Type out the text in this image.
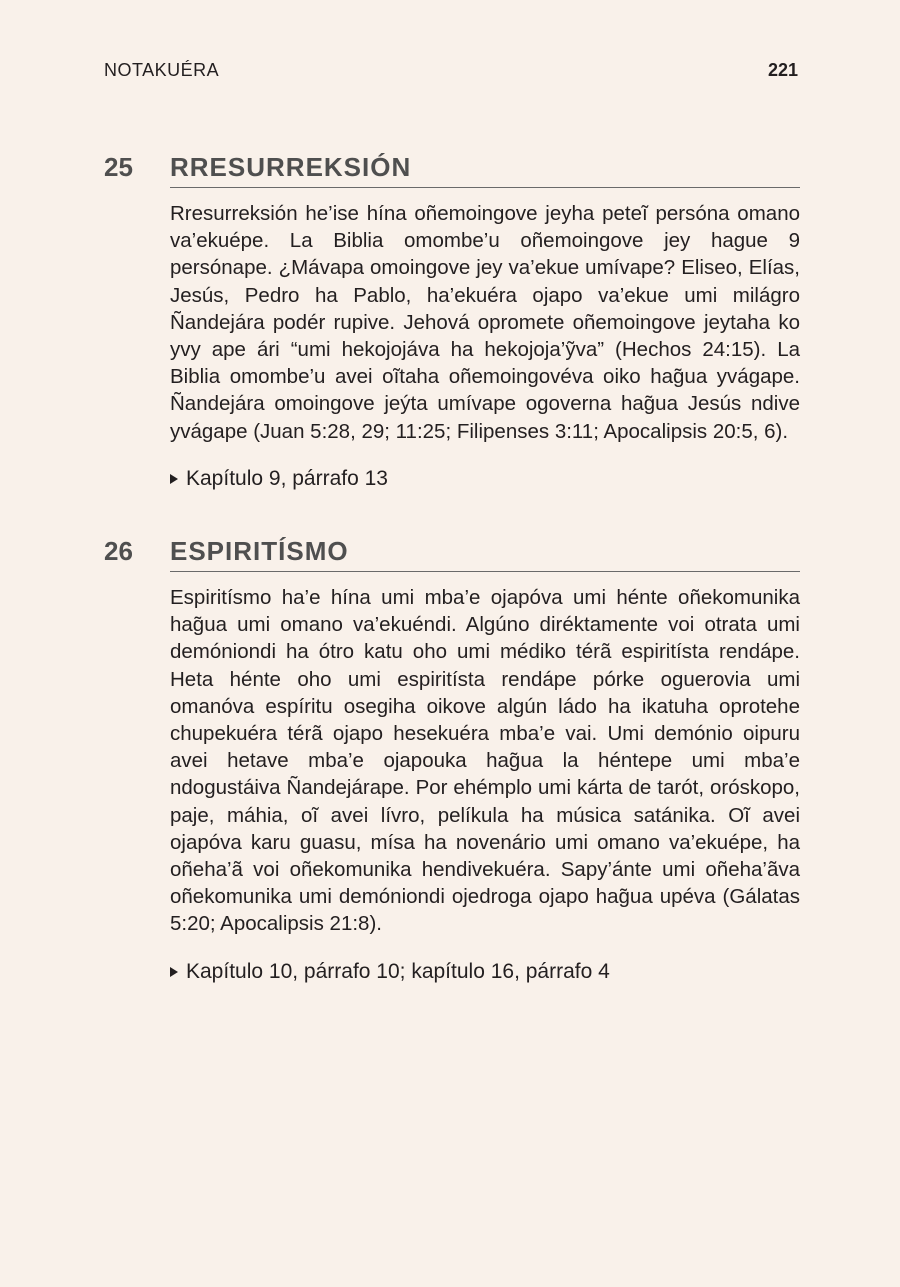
NOTAKUÉRA	221
25	RRESURREKSIÓN

Rresurreksión he’ise hína oñemoingove jeyha peteĩ persóna omano va’ekuépe. La Biblia omombe’u oñemoingove jey hague 9 persónape. ¿Mávapa omoingove jey va’ekue umívape? Eliseo, Elías, Jesús, Pedro ha Pablo, ha’ekuéra ojapo va’ekue umi milágro Ñandejára podér rupive. Jehová opromete oñemoingove jeytaha ko yvy ape ári “umi hekojojáva ha hekojoja’ỹva” (Hechos 24:15). La Biblia omombe’u avei oĩtaha oñemoingovéva oiko hag̃ua yvágape. Ñandejára omoingove jeýta umívape ogoverna hag̃ua Jesús ndive yvágape (Juan 5:28, 29; 11:25; Filipenses 3:11; Apocalipsis 20:5, 6).

Kapítulo 9, párrafo 13
26	ESPIRITÍSMO

Espiritísmo ha’e hína umi mba’e ojapóva umi hénte oñekomunika hag̃ua umi omano va’ekuéndi. Algúno diréktamente voi otrata umi demóniondi ha ótro katu oho umi médiko térã espiritísta rendápe. Heta hénte oho umi espiritísta rendápe pórke oguerovia umi omanóva espíritu osegiha oikove algún ládo ha ikatuha oprotehe chupekuéra térã ojapo hesekuéra mba’e vai. Umi demónio oipuru avei hetave mba’e ojapouka hag̃ua la héntepe umi mba’e ndogustáiva Ñandejárape. Por ehémplo umi kárta de tarót, oróskopo, paje, máhia, oĩ avei lívro, pelíkula ha música satánika. Oĩ avei ojapóva karu guasu, mísa ha novenário umi omano va’ekuépe, ha oñeha’ã voi oñekomunika hendivekuéra. Sapy’ánte umi oñeha’ãva oñekomunika umi demóniondi ojedroga ojapo hag̃ua upéva (Gálatas 5:20; Apocalipsis 21:8).

Kapítulo 10, párrafo 10; kapítulo 16, párrafo 4
